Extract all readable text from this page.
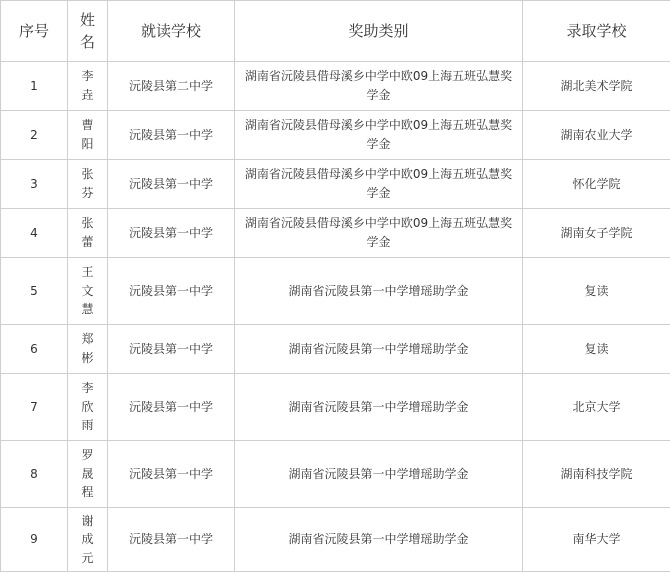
序号	姓名	就读学校	奖助类别	录取学校
1	李垚	沅陵县第二中学	湖南省沅陵县借母溪乡中学中欧09上海五班弘慧奖学金	湖北美术学院
2	曹阳	沅陵县第一中学	湖南省沅陵县借母溪乡中学中欧09上海五班弘慧奖学金	湖南农业大学
3	张芬	沅陵县第一中学	湖南省沅陵县借母溪乡中学中欧09上海五班弘慧奖学金	怀化学院
4	张蕾	沅陵县第一中学	湖南省沅陵县借母溪乡中学中欧09上海五班弘慧奖学金	湖南女子学院
5	王文慧	沅陵县第一中学	湖南省沅陵县第一中学增瑶助学金	复读
6	郑彬	沅陵县第一中学	湖南省沅陵县第一中学增瑶助学金	复读
7	李欣雨	沅陵县第一中学	湖南省沅陵县第一中学增瑶助学金	北京大学
8	罗晟程	沅陵县第一中学	湖南省沅陵县第一中学增瑶助学金	湖南科技学院
9	谢成元	沅陵县第一中学	湖南省沅陵县第一中学增瑶助学金	南华大学
